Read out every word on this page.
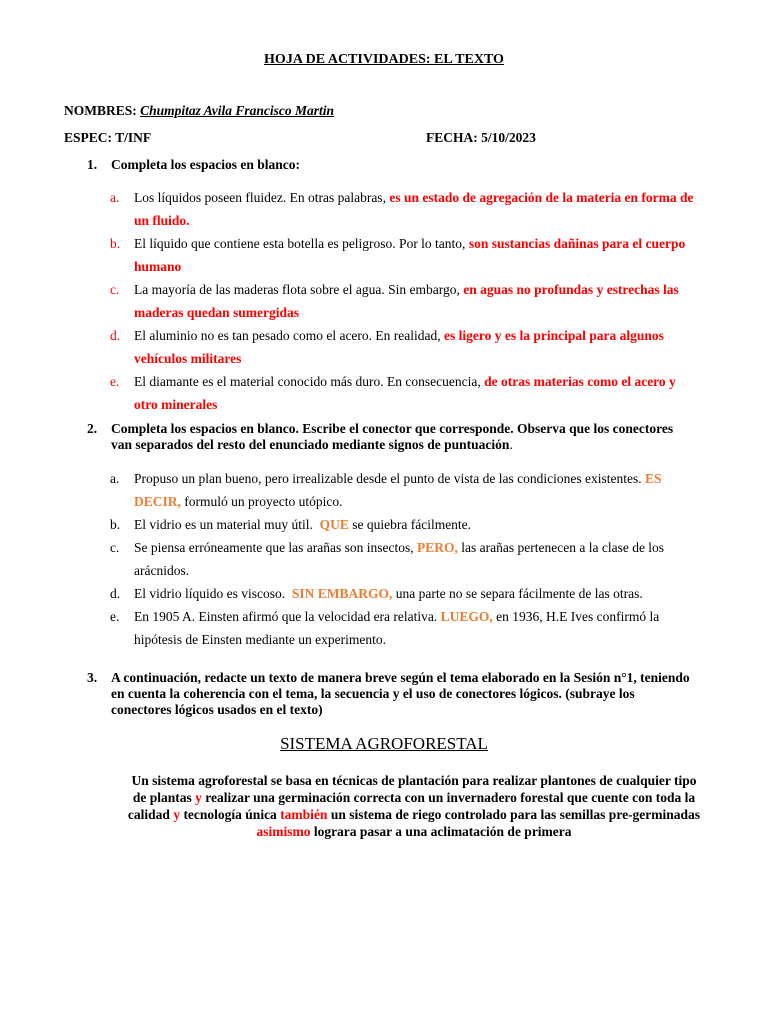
HOJA DE ACTIVIDADES: EL TEXTO
NOMBRES: Chumpitaz Avila Francisco Martin
ESPEC: T/INF	FECHA: 5/10/2023
1. Completa los espacios en blanco:
a. Los líquidos poseen fluidez. En otras palabras, es un estado de agregación de la materia en forma de
un fluido.
b. El líquido que contiene esta botella es peligroso. Por lo tanto, son sustancias dañinas para el cuerpo
humano
c. La mayoría de las maderas flota sobre el agua. Sin embargo, en aguas no profundas y estrechas las
maderas quedan sumergidas
d. El aluminio no es tan pesado como el acero. En realidad, es ligero y es la principal para algunos
vehículos militares
e. El diamante es el material conocido más duro. En consecuencia, de otras materias como el acero y
otro minerales
2. Completa los espacios en blanco. Escribe el conector que corresponde. Observa que los conectores
van separados del resto del enunciado mediante signos de puntuación.
a. Propuso un plan bueno, pero irrealizable desde el punto de vista de las condiciones existentes. ES
DECIR, formuló un proyecto utópico.
b. El vidrio es un material muy útil. QUE se quiebra fácilmente.
c. Se piensa erróneamente que las arañas son insectos, PERO, las arañas pertenecen a la clase de los
arácnidos.
d. El vidrio líquido es viscoso. SIN EMBARGO, una parte no se separa fácilmente de las otras.
e. En 1905 A. Einsten afirmó que la velocidad era relativa. LUEGO, en 1936, H.E Ives confirmó la
hipótesis de Einsten mediante un experimento.
3. A continuación, redacte un texto de manera breve según el tema elaborado en la Sesión n°1, teniendo
en cuenta la coherencia con el tema, la secuencia y el uso de conectores lógicos. (subraye los
conectores lógicos usados en el texto)
SISTEMA AGROFORESTAL
Un sistema agroforestal se basa en técnicas de plantación para realizar plantones de cualquier tipo
de plantas y realizar una germinación correcta con un invernadero forestal que cuente con toda la
calidad y tecnología única también un sistema de riego controlado para las semillas pre-germinadas
asimismo lograra pasar a una aclimatación de primera
